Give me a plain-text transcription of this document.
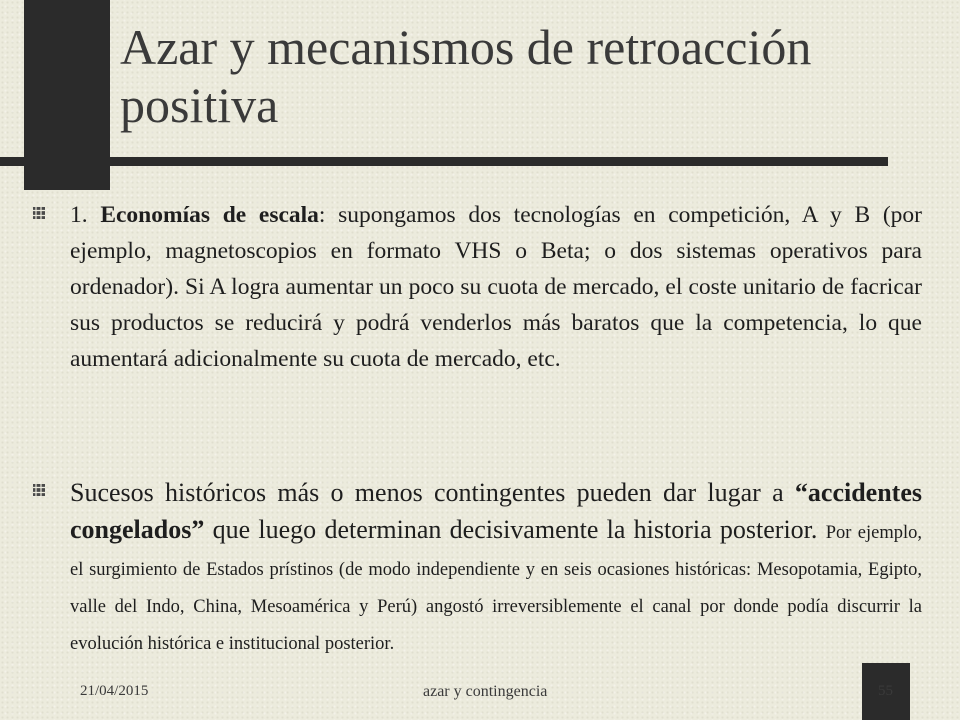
Azar y mecanismos de retroacción positiva

1. Economías de escala: supongamos dos tecnologías en competición, A y B (por ejemplo, magnetoscopios en formato VHS o Beta; o dos sistemas operativos para ordenador). Si A logra aumentar un poco su cuota de mercado, el coste unitario de facricar sus productos se reducirá y podrá venderlos más baratos que la competencia, lo que aumentará adicionalmente su cuota de mercado, etc.

Sucesos históricos más o menos contingentes pueden dar lugar a “accidentes congelados” que luego determinan decisivamente la historia posterior. Por ejemplo, el surgimiento de Estados prístinos (de modo independiente y en seis ocasiones históricas: Mesopotamia, Egipto, valle del Indo, China, Mesoamérica y Perú) angostó irreversiblemente el canal por donde podía discurrir la evolución histórica e institucional posterior.

21/04/2015	azar y contingencia	55
